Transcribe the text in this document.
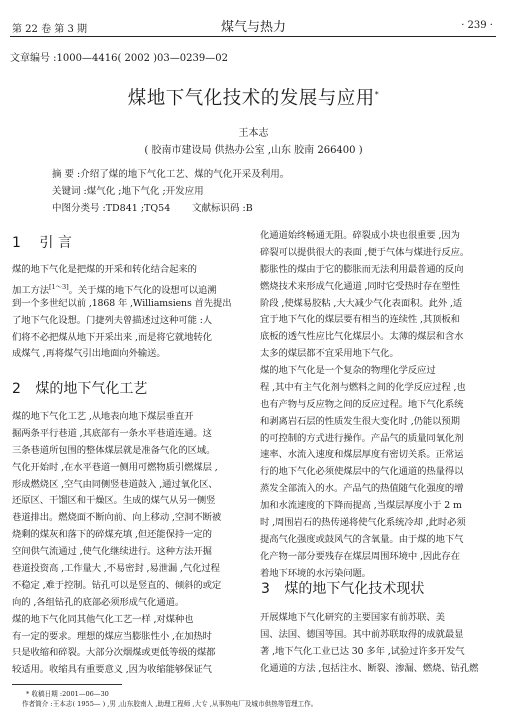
第 22 卷 第 3 期	煤气与热力	· 239 ·
文章编号 :1000—4416( 2002 )03—0239—02
煤地下气化技术的发展与应用*
王本志
( 胶南市建设局 供热办公室 ,山东 胶南 266400 )
摘 要 :介绍了煤的地下气化工艺、煤的气化开采及利用。
关键词 :煤气化 ;地下气化 ;开发应用
中图分类号 :TD841 ;TQ54 文献标识码 :B
1 引 言
煤的地下气化是把煤的开采和转化结合起来的
加工方法[1～3]。关于煤的地下气化的设想可以追溯
到一个多世纪以前 ,1868 年 ,Williamsiens 首先提出
了地下气化设想。门捷列夫曾描述过这种可能 :人
们将不必把煤从地下开采出来 ,而是将它就地转化
成煤气 ,再将煤气引出地面向外输送。
2 煤的地下气化工艺
煤的地下气化工艺 ,从地表向地下煤层垂直开
掘两条平行巷道 ,其底部有一条水平巷道连通。这
三条巷道所包围的整体煤层就是准备气化的区域。
气化开始时 ,在水平巷道一侧用可燃物质引燃煤层 ,
形成燃烧区 ,空气由同侧竖巷道鼓入 ,通过氧化区、
还原区、干馏区和干燥区。生成的煤气从另一侧竖
巷道排出。燃烧面不断向前、向上移动 ,空洞不断被
烧剩的煤灰和落下的碎煤充填 ,但还能保持一定的
空间供气流通过 ,使气化继续进行。这种方法开掘
巷道投资高 ,工作量大 ,不易密封 ,易泄漏 ,气化过程
不稳定 ,难于控制。钻孔可以是竖直的、倾斜的或定
向的 ,各组钻孔的底部必须形成气化通道。
煤的地下气化同其他气化工艺一样 ,对煤种也
有一定的要求。理想的煤应当膨胀性小 ,在加热时
只是收缩和碎裂。大部分次烟煤或更低等级的煤都
较适用。收缩具有重要意义 ,因为收缩能够保证气
化通道始终畅通无阻。碎裂成小块也很重要 ,因为
碎裂可以提供很大的表面 ,便于气体与煤进行反应。
膨胀性的煤由于它的膨胀而无法利用最普通的反向
燃烧技术来形成气化通道 ,同时它受热时存在塑性
阶段 ,使煤易胶粘 ,大大减少气化表面积。此外 ,适
宜于地下气化的煤层要有相当的连续性 ,其顶板和
底板的透气性应比气化煤层小。太薄的煤层和含水
太多的煤层都不宜采用地下气化。
煤的地下气化是一个复杂的物理化学反应过
程 ,其中有主气化剂与燃料之间的化学反应过程 ,也
也有产物与反应物之间的反应过程。地下气化系统
和剥离岩石层的性质发生很大变化时 ,仍能以预期
的可控制的方式进行操作。产品气的质量同氧化剂
速率、水流入速度和煤层厚度有密切关系。正常运
行的地下气化必须使煤层中的气化通道的热量得以
蒸发全部流入的水。产品气的热值随气化强度的增
加和水流速度的下降而提高 ,当煤层厚度小于 2 m
时 ,周围岩石的热传递将使气化系统冷却 ,此时必须
提高气化强度或鼓风气的含氧量。由于煤的地下气
化产物一部分要残存在煤层周围环境中 ,因此存在
着地下环境的水污染问题。
3 煤的地下气化技术现状
开展煤地下气化研究的主要国家有前苏联、美
国、法国、德国等国。其中前苏联取得的成就最显
著 ,地下气化工业已达 30 多年 ,试验过许多开发气
化通道的方法 ,包括注水、断裂、渗漏、燃烧、钻孔燃
* 收稿日期 :2001—06—30
作者简介 :王本志( 1955— ) ,男 ,山东胶南人 ,助理工程师 ,大专 ,从事热电厂及城市供热等管理工作。
